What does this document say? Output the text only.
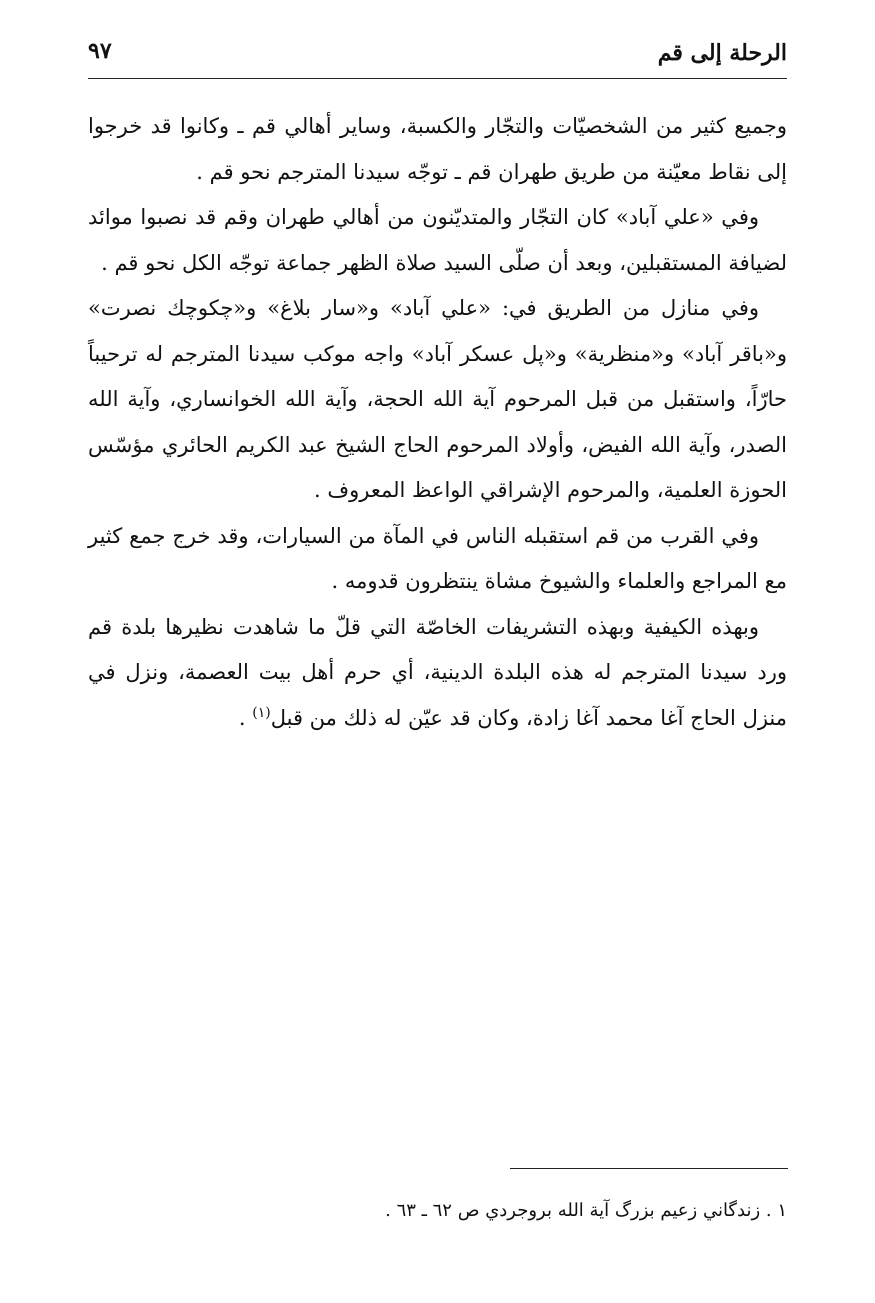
الرحلة إلى قم
٩٧

وجميع كثير من الشخصيّات والتجّار والكسبة، وساير أهالي قم ـ وكانوا قد خرجوا إلى نقاط معيّنة من طريق طهران قم ـ توجّه سيدنا المترجم نحو قم .

وفي «علي آباد» كان التجّار والمتديّنون من أهالي طهران وقم قد نصبوا موائد لضيافة المستقبلين، وبعد أن صلّى السيد صلاة الظهر جماعة توجّه الكل نحو قم .

وفي منازل من الطريق في: «علي آباد» و«سار بلاغ» و«چكوچك نصرت» و«باقر آباد» و«منظرية» و«پل عسكر آباد» واجه موكب سيدنا المترجم له ترحيباً حارّاً، واستقبل من قبل المرحوم آية الله الحجة، وآية الله الخوانساري، وآية الله الصدر، وآية الله الفيض، وأولاد المرحوم الحاج الشيخ عبد الكريم الحائري مؤسّس الحوزة العلمية، والمرحوم الإشراقي الواعظ المعروف .

وفي القرب من قم استقبله الناس في المآة من السيارات، وقد خرج جمع كثير مع المراجع والعلماء والشيوخ مشاة ينتظرون قدومه .

وبهذه الكيفية وبهذه التشريفات الخاصّة التي قلّ ما شاهدت نظيرها بلدة قم ورد سيدنا المترجم له هذه البلدة الدينية، أي حرم أهل بيت العصمة، ونزل في منزل الحاج آغا محمد آغا زادة، وكان قد عيّن له ذلك من قبل$^{(١)}$ .

١ . زندگاني زعيم بزرگ آية الله بروجردي ص ٦٢ ـ ٦٣ .
